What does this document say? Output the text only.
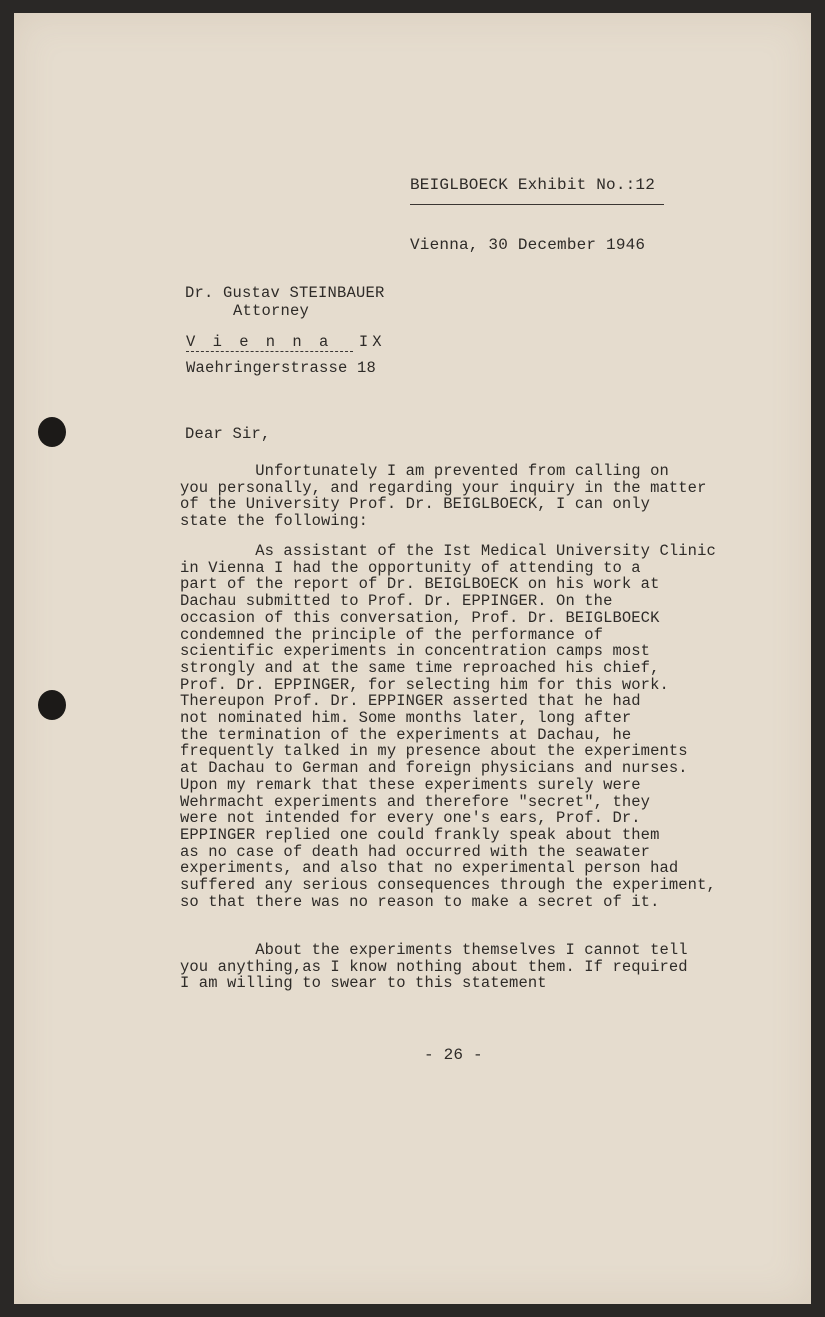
BEIGLBOECK Exhibit No.:12
Vienna, 30 December 1946
Dr. Gustav STEINBAUER
Attorney
V i e n n a  IX
Waehringerstrasse 18
Dear Sir,
Unfortunately I am prevented from calling on
you personally, and regarding your inquiry in the matter
of the University Prof. Dr. BEIGLBOECK, I can only
state the following:
As assistant of the Ist Medical University Clinic
in Vienna I had the opportunity of attending to a
part of the report of Dr. BEIGLBOECK on his work at
Dachau submitted to Prof. Dr. EPPINGER. On the
occasion of this conversation, Prof. Dr. BEIGLBOECK
condemned the principle of the performance of
scientific experiments in concentration camps most
strongly and at the same time reproached his chief,
Prof. Dr. EPPINGER, for selecting him for this work.
Thereupon Prof. Dr. EPPINGER asserted that he had
not nominated him. Some months later, long after
the termination of the experiments at Dachau, he
frequently talked in my presence about the experiments
at Dachau to German and foreign physicians and nurses.
Upon my remark that these experiments surely were
Wehrmacht experiments and therefore "secret", they
were not intended for every one's ears, Prof. Dr.
EPPINGER replied one could frankly speak about them
as no case of death had occurred with the seawater
experiments, and also that no experimental person had
suffered any serious consequences through the experiment,
so that there was no reason to make a secret of it.
About the experiments themselves I cannot tell
you anything,as I know nothing about them. If required
I am willing to swear to this statement
- 26 -
